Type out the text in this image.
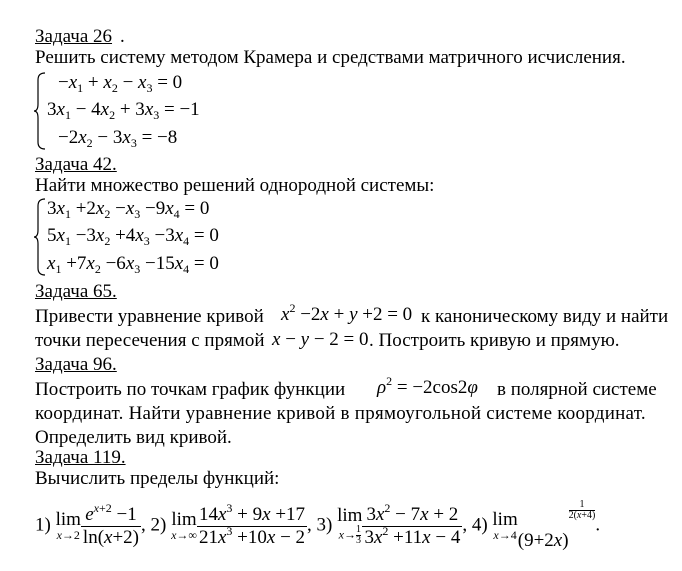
Задача 26 .
Решить систему методом Крамера и средствами матричного исчисления.
$-x_1 + x_2 - x_3 = 0$
$3x_1 - 4x_2 + 3x_3 = -1$
$-2x_2 - 3x_3 = -8$
Задача 42.
Найти множество решений однородной системы:
$3x_1 +2x_2 -x_3 -9x_4 = 0$
$5x_1 -3x_2 +4x_3 -3x_4 = 0$
$x_1 +7x_2 -6x_3 -15x_4 = 0$
Задача 65.
Привести уравнение кривой $x^2 -2x + y +2 = 0$ к каноническому виду и найти
точки пересечения с прямой x − y − 2 = 0 . Построить кривую и прямую.
Задача 96.
Построить по точкам график функции $\rho^2 = -2\cos 2\varphi$ в полярной системе
координат. Найти уравнение кривой в прямоугольной системе координат.
Определить вид кривой.
Задача 119.
Вычислить пределы функций:
1) lim
$x\to 2 \frac{e^{x+2} -1}{\ln(x+2)}$ , 2) lim
$x\to\infty \frac{14x^3 + 9x +17}{21x^3 +10x - 2}$ , 3) lim
$x\to \frac{1}{3} \frac{3x^2 - 7x + 2}{3x^2 +11x - 4}$ , 4) lim
x→4 (9+2x)
$\frac{1}{2(x+4)}$
.
